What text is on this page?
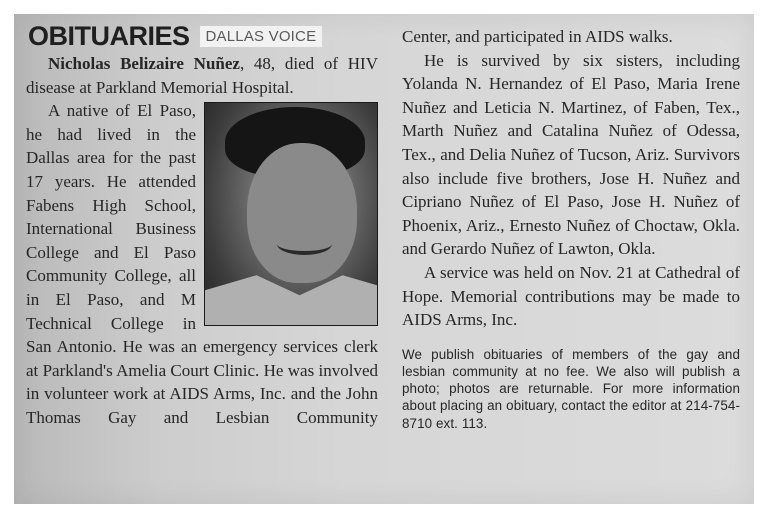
OBITUARIES	DALLAS VOICE

Nicholas Belizaire Nuñez, 48, died of HIV disease at Parkland Memorial Hospital.

A native of El Paso, he had lived in the Dallas area for the past 17 years. He attended Fabens High School, International Business College and El Paso Community College, all in El Paso, and M Technical College in San Antonio. He was an emergency services clerk at Parkland's Amelia Court Clinic. He was involved in volunteer work at AIDS Arms, Inc. and the John Thomas Gay and Lesbian Community

Center, and participated in AIDS walks.

He is survived by six sisters, including Yolanda N. Hernandez of El Paso, Maria Irene Nuñez and Leticia N. Martinez, of Faben, Tex., Marth Nuñez and Catalina Nuñez of Odessa, Tex., and Delia Nuñez of Tucson, Ariz. Survivors also include five brothers, Jose H. Nuñez and Cipriano Nuñez of El Paso, Jose H. Nuñez of Phoenix, Ariz., Ernesto Nuñez of Choctaw, Okla. and Gerardo Nuñez of Lawton, Okla.

A service was held on Nov. 21 at Cathedral of Hope. Memorial contributions may be made to AIDS Arms, Inc.

We publish obituaries of members of the gay and lesbian community at no fee. We also will publish a photo; photos are returnable. For more information about placing an obituary, contact the editor at 214-754-8710 ext. 113.
